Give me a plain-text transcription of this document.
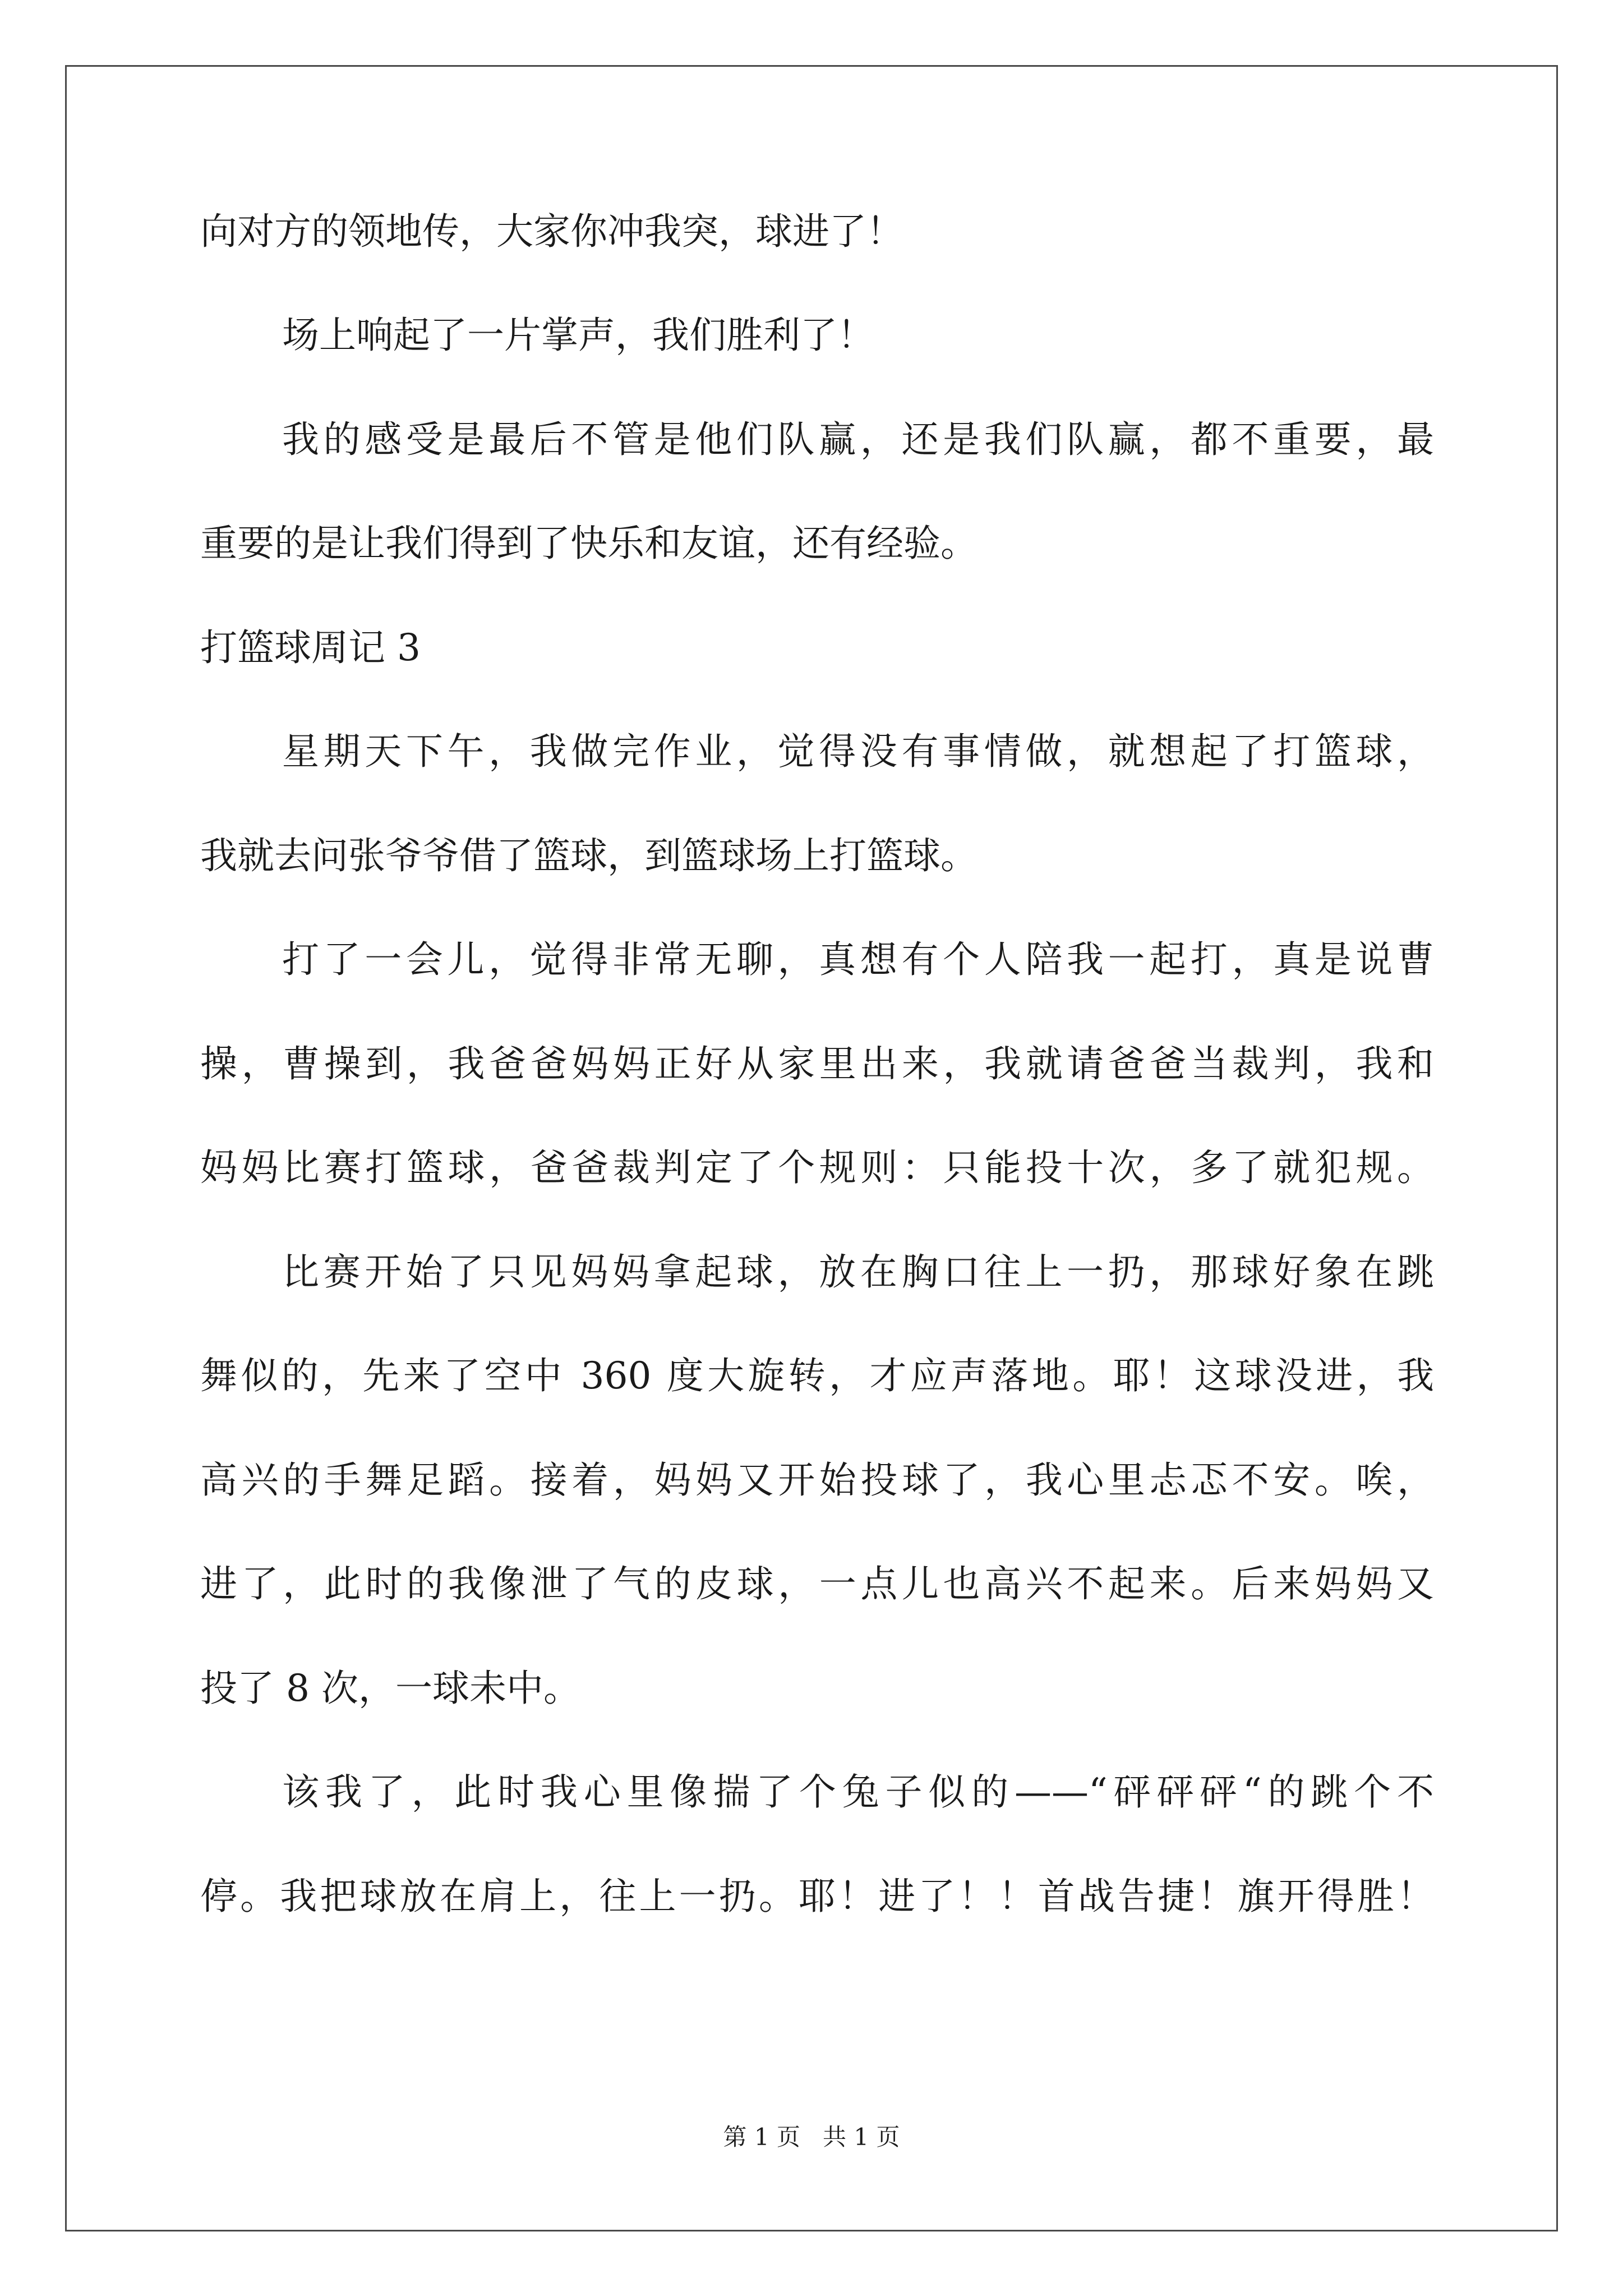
向对方的领地传，大家你冲我突，球进了！
场上响起了一片掌声，我们胜利了！
我的感受是最后不管是他们队赢，还是我们队赢，都不重要，最
重要的是让我们得到了快乐和友谊，还有经验。
打篮球周记 3
星期天下午，我做完作业，觉得没有事情做，就想起了打篮球，
我就去问张爷爷借了篮球，到篮球场上打篮球。
打了一会儿，觉得非常无聊，真想有个人陪我一起打，真是说曹
操，曹操到，我爸爸妈妈正好从家里出来，我就请爸爸当裁判，我和
妈妈比赛打篮球，爸爸裁判定了个规则：只能投十次，多了就犯规。
比赛开始了只见妈妈拿起球，放在胸口往上一扔，那球好象在跳
舞似的，先来了空中 360 度大旋转，才应声落地。耶！这球没进，我
高兴的手舞足蹈。接着，妈妈又开始投球了，我心里忐忑不安。唉，
进了，此时的我像泄了气的皮球，一点儿也高兴不起来。后来妈妈又
投了 8 次，一球未中。
该我了，此时我心里像揣了个兔子似的——“砰砰砰“的跳个不
停。我把球放在肩上，往上一扔。耶！进了！！首战告捷！旗开得胜！
第 1 页   共 1 页
